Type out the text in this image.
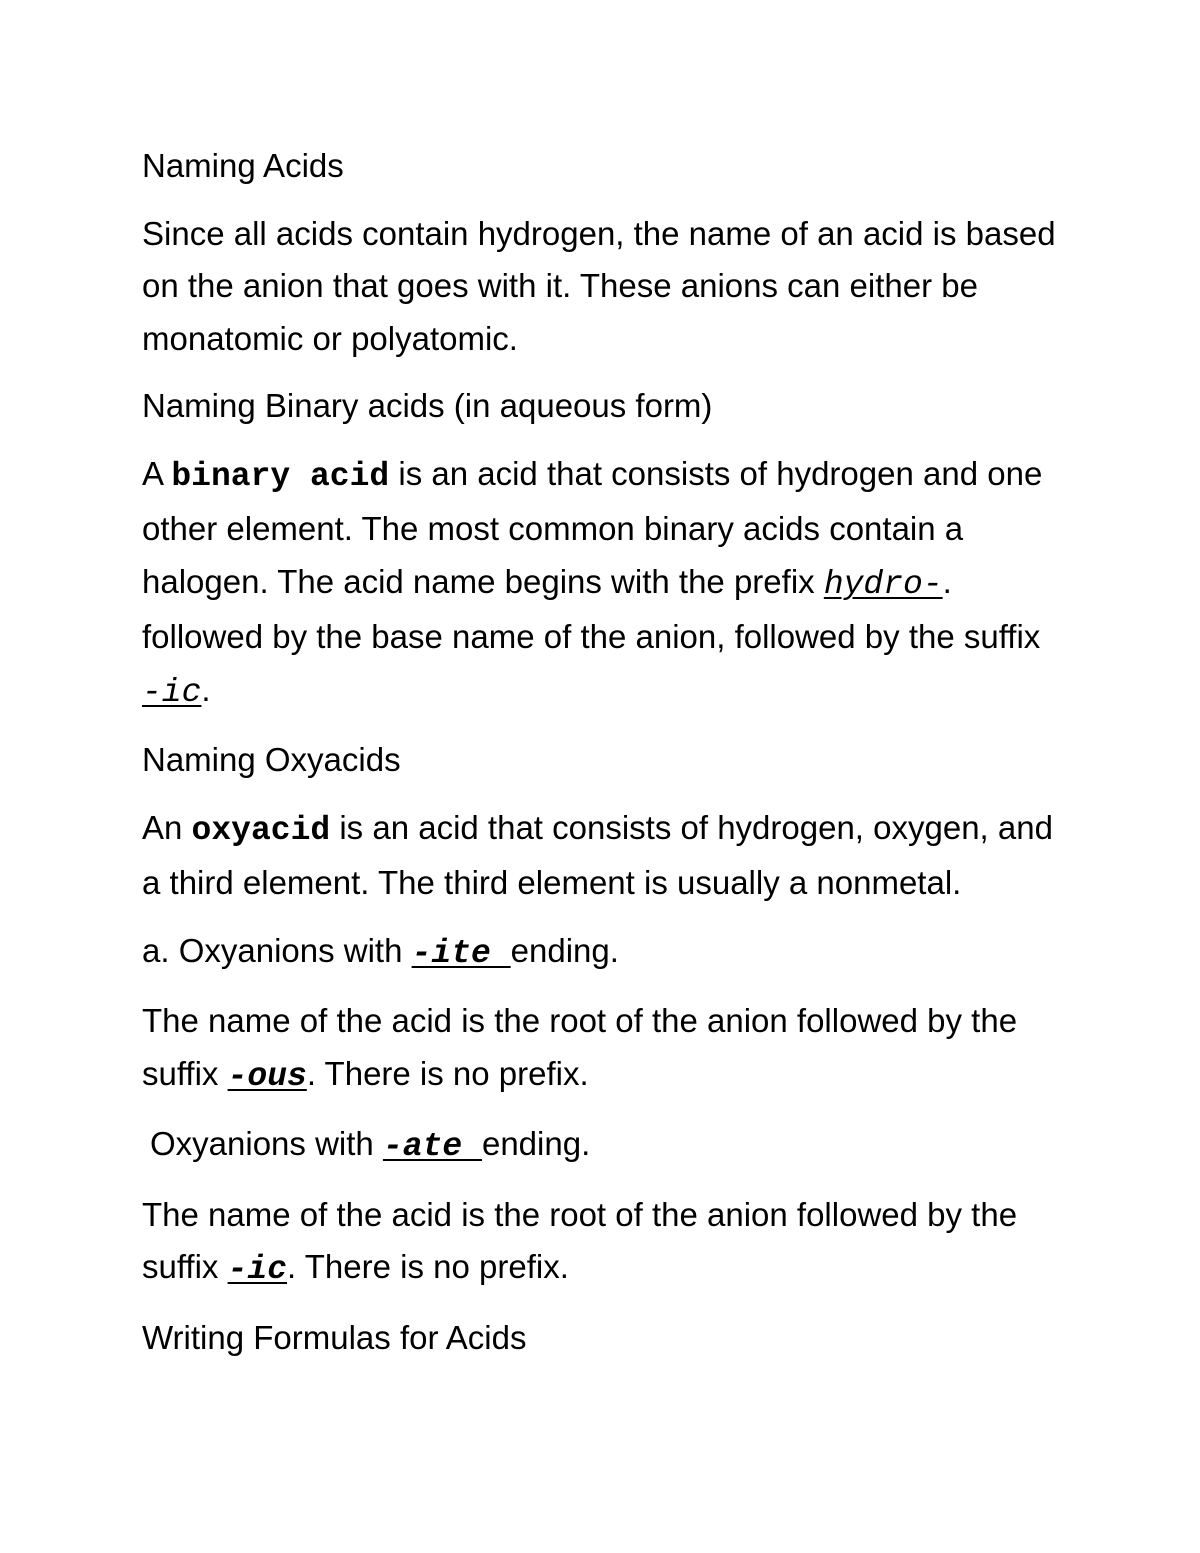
Naming Acids

Since all acids contain hydrogen, the name of an acid is based on the anion that goes with it. These anions can either be monatomic or polyatomic.

Naming Binary acids (in aqueous form)

A binary acid is an acid that consists of hydrogen and one other element. The most common binary acids contain a halogen. The acid name begins with the prefix hydro-. followed by the base name of the anion, followed by the suffix -ic.

Naming Oxyacids

An oxyacid is an acid that consists of hydrogen, oxygen, and a third element. The third element is usually a nonmetal.

a. Oxyanions with -ite ending.

The name of the acid is the root of the anion followed by the suffix -ous. There is no prefix.

Oxyanions with -ate ending.

The name of the acid is the root of the anion followed by the suffix -ic. There is no prefix.

Writing Formulas for Acids
